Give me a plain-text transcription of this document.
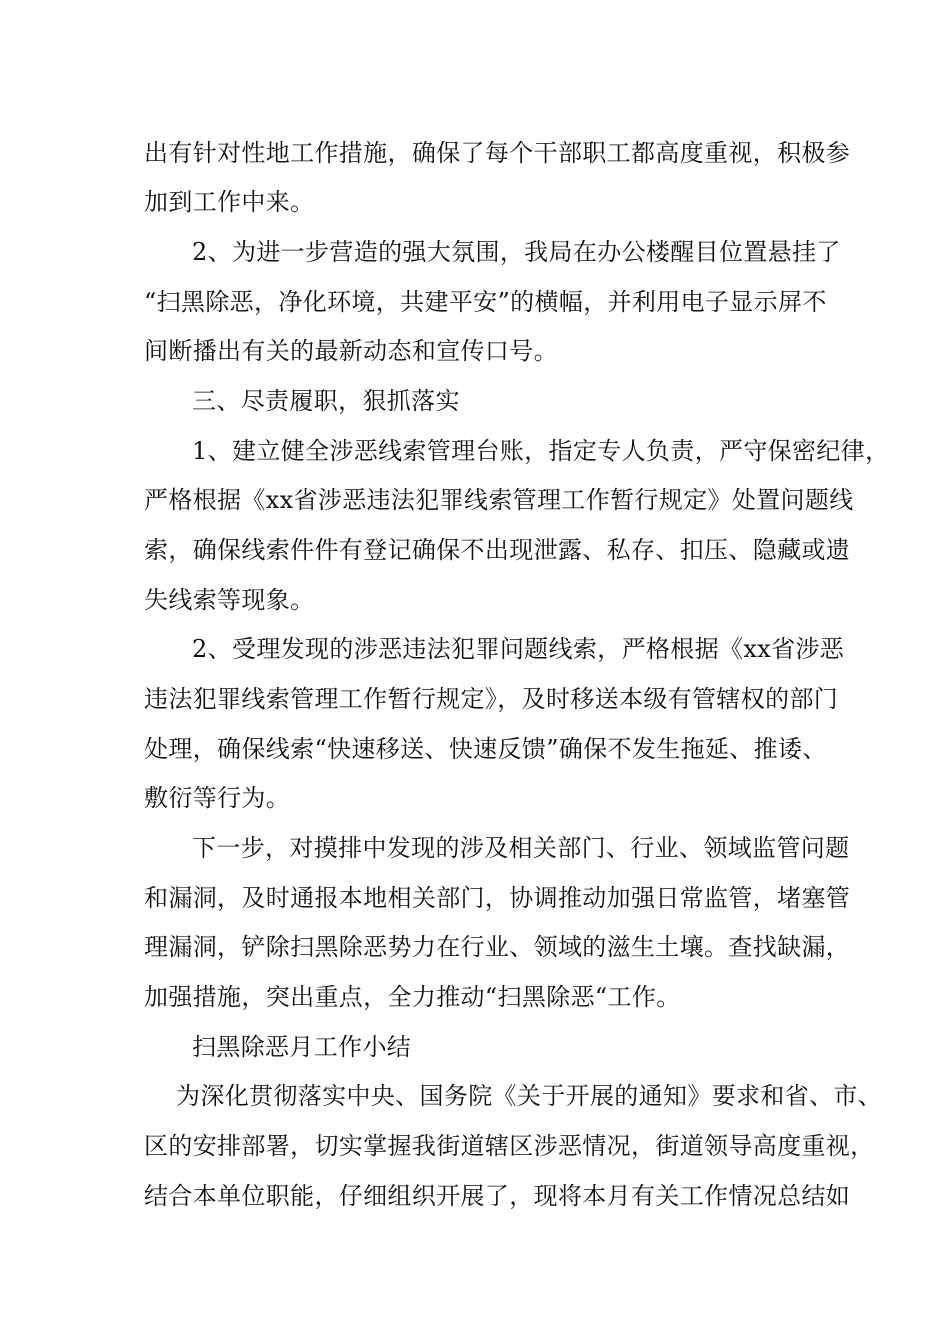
出有针对性地工作措施，确保了每个干部职工都高度重视，积极参
加到工作中来。
2、为进一步营造的强大氛围，我局在办公楼醒目位置悬挂了
“扫黑除恶，净化环境，共建平安”的横幅，并利用电子显示屏不
间断播出有关的最新动态和宣传口号。
三、尽责履职，狠抓落实
1、建立健全涉恶线索管理台账，指定专人负责，严守保密纪律，
严格根据《xx省涉恶违法犯罪线索管理工作暂行规定》处置问题线
索，确保线索件件有登记确保不出现泄露、私存、扣压、隐藏或遗
失线索等现象。
2、受理发现的涉恶违法犯罪问题线索，严格根据《xx省涉恶
违法犯罪线索管理工作暂行规定》，及时移送本级有管辖权的部门
处理，确保线索“快速移送、快速反馈”确保不发生拖延、推诿、
敷衍等行为。
下一步，对摸排中发现的涉及相关部门、行业、领域监管问题
和漏洞，及时通报本地相关部门，协调推动加强日常监管，堵塞管
理漏洞，铲除扫黑除恶势力在行业、领域的滋生土壤。查找缺漏，
加强措施，突出重点，全力推动“扫黑除恶“工作。
扫黑除恶月工作小结
为深化贯彻落实中央、国务院《关于开展的通知》要求和省、市、
区的安排部署，切实掌握我街道辖区涉恶情况，街道领导高度重视，
结合本单位职能，仔细组织开展了，现将本月有关工作情况总结如
